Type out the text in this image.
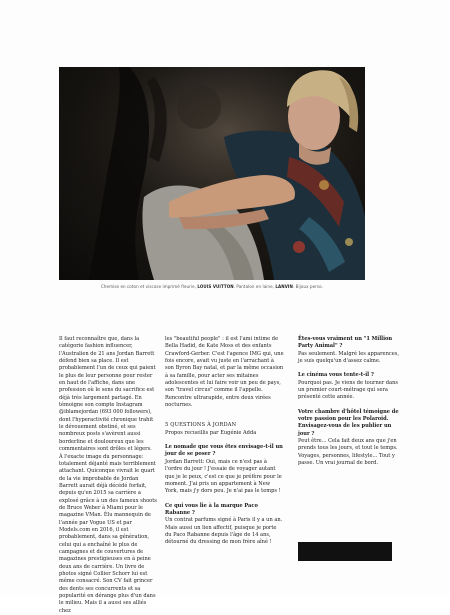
Chemise en coton et viscose imprimé fleurie, LOUIS VUITTON. Pantalon en laine, LANVIN. Bijoux perso.

Il faut reconnaître que, dans la catégorie fashion influencer, l'Australien de 21 ans Jordan Barrett défend bien sa place. Il est probablement l'un de ceux qui paient le plus de leur personne pour rester en haut de l'affiche, dans une profession où le sens du sacrifice est déjà très largement partagé. En témoigne son compte Instagram @iblamejordan (693 000 followers), dont l'hyperactivité chronique trahit le dévouement obstiné, et ses nombreux posts s'avèrent aussi borderline et douloureux que les commentaires sont drôles et légers. À l'exacte image du personnage: totalement déjanté mais terriblement attachant. Quiconque vivrait le quart de la vie improbable de Jordan Barrett aurait déjà décédé forfait, depuis qu'en 2015 sa carrière a explosé grâce à un des fameux shoots de Bruce Weber à Miami pour le magazine VMan. Élu mannequin de l'année par Vogue US et par Models.com en 2016, il est probablement, dans sa génération, celui qui a enchaîné le plus de campagnes et de couvertures de magazines prestigieuses en à peine deux ans de carrière. Un livre de photos signé Collier Schorr lui est même consacré. Son CV fait grincer des dents ses concurrents et sa popularité en dérange plus d'un dans le milieu. Mais il a aussi ses alliés chez

les "beautiful people" : il est l'ami intime de Bella Hadid, de Kate Moss et des enfants Crawford-Gerber. C'est l'agence IMG qui, une fois encore, avait vu juste en l'arrachant à son Byron Bay natal, et par la même occasion à sa famille, pour acter ses mitaines adolescentes et lui faire voir un peu de pays, son "travel circus" comme il l'appelle. Rencontre ultrarapide, entre deux virées nocturnes.

5 QUESTIONS À JORDAN

Propos recueillis par Eugénie Adda

Le nomade que vous êtes envisage-t-il un jour de se poser ?

Jordan Barrett: Oui, mais ce n'est pas à l'ordre du jour ! J'essaie de voyager autant que je le peux, c'est ce que je préfère pour le moment. J'ai pris un appartement à New York, mais j'y dors peu. Je n'ai pas le temps !

Ce qui vous lie à la marque Paco Rabanne ?

Un contrat parfums signé à Paris il y a un an. Mais aussi un lien affectif, puisque je porte du Paco Rabanne depuis l'âge de 14 ans, détourné du dressing de mon frère aîné !

Êtes-vous vraiment un "1 Million Party Animal" ?

Pas seulement. Malgré les apparences, je suis quelqu'un d'assez calme.

Le cinéma vous tente-t-il ?

Pourquoi pas. Je viens de tourner dans un premier court-métrage qui sera présenté cette année.

Votre chambre d'hôtel témoigne de votre passion pour les Polaroid. Envisagez-vous de les publier un jour ?

Peut être... Cela fait deux ans que j'en prends tous les jours, et tout le temps. Voyages, personnes, lifestyle... Tout y passe. Un vrai journal de bord.
